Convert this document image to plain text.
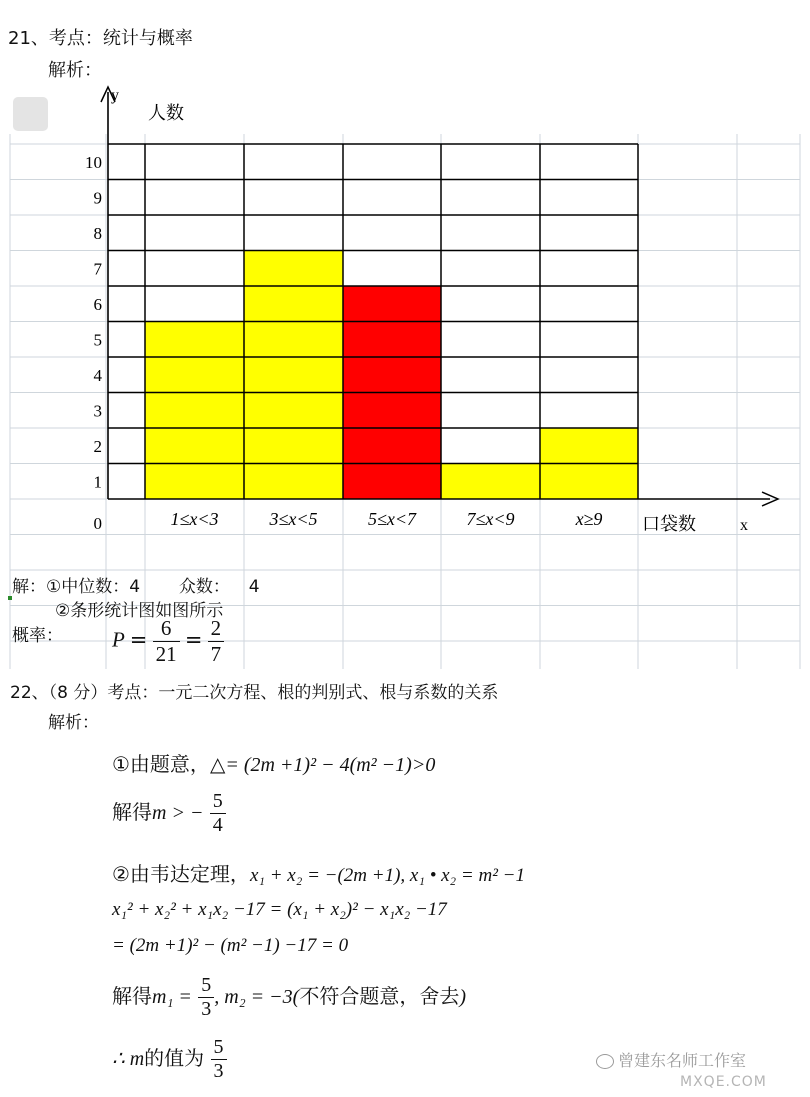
21、考点：统计与概率
解析：
1
2
3
4
5
6
7
8
9
10
0	1≤x<3	3≤x<5	5≤x<7	7≤x<9	x≥9 口袋数	x
人数
y
解：①中位数：4 众数： 4
②条形统计图如图所示
概率： $P = \frac{6}{21} = \frac{2}{7}$
22、（8 分）考点：一元二次方程、根的判别式、根与系数的关系
解析：
①由题意，△= (2m +1)² − 4(m² −1)>0
解得m > − $\frac{5}{4}$
②由韦达定理，x₁ + x₂ = −(2m +1), x₁ • x₂ = m² −1
x₁² + x₂² + x₁x₂ −17 = (x₁ + x₂)² − x₁x₂ −17
= (2m +1)² − (m² −1) −17 = 0
解得$m_1 = \frac{5}{3}$ , m₂ = −3(不符合题意，舍去)
∴ m的值为 $\frac{5}{3}$	曾建东名师工作室
MXQE.COM
